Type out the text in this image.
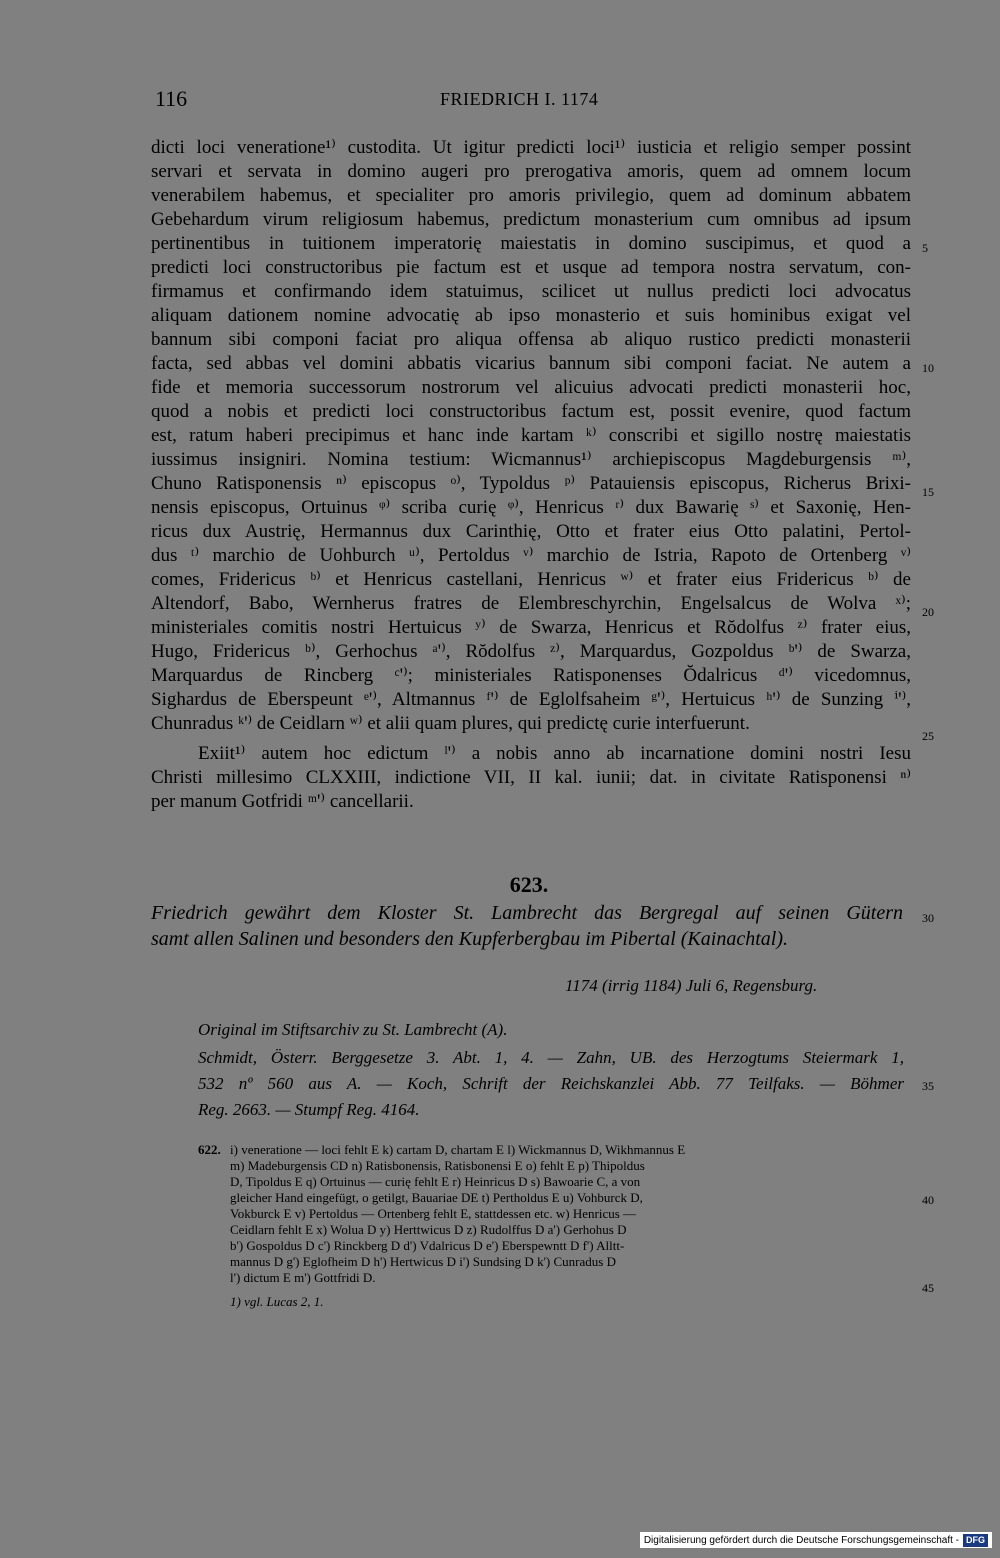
116	FRIEDRICH I. 1174
dicti loci veneratione¹⁾ custodita. Ut igitur predicti loci¹⁾ iusticia et religio semper possint
servari et servata in domino augeri pro prerogativa amoris, quem ad omnem locum
venerabilem habemus, et specialiter pro amoris privilegio, quem ad dominum abbatem
Gebehardum virum religiosum habemus, predictum monasterium cum omnibus ad ipsum
pertinentibus in tuitionem imperatorię maiestatis in domino suscipimus, et quod a
predicti loci constructoribus pie factum est et usque ad tempora nostra servatum, con-
firmamus et confirmando idem statuimus, scilicet ut nullus predicti loci advocatus
aliquam dationem nomine advocatię ab ipso monasterio et suis hominibus exigat vel
bannum sibi componi faciat pro aliqua offensa ab aliquo rustico predicti monasterii
facta, sed abbas vel domini abbatis vicarius bannum sibi componi faciat. Ne autem a
fide et memoria successorum nostrorum vel alicuius advocati predicti monasterii hoc,
quod a nobis et predicti loci constructoribus factum est, possit evenire, quod factum
est, ratum haberi precipimus et hanc inde kartam ᵏ⁾ conscribi et sigillo nostrę maiestatis
iussimus insigniri. Nomina testium: Wicmannus¹⁾ archiepiscopus Magdeburgensis ᵐ⁾,
Chuno Ratisponensis ⁿ⁾ episcopus ᵒ⁾, Typoldus ᵖ⁾ Patauiensis episcopus, Richerus Brixi-
nensis episcopus, Ortuinus ᵠ⁾ scriba curię ᵠ⁾, Henricus ʳ⁾ dux Bawarię ˢ⁾ et Saxonię, Hen-
ricus dux Austrię, Hermannus dux Carinthię, Otto et frater eius Otto palatini, Pertol-
dus ᵗ⁾ marchio de Uohburch ᵘ⁾, Pertoldus ᵛ⁾ marchio de Istria, Rapoto de Ortenberg ᵛ⁾
comes, Fridericus ᵇ⁾ et Henricus castellani, Henricus ʷ⁾ et frater eius Fridericus ᵇ⁾ de
Altendorf, Babo, Wernherus fratres de Elembreschyrchin, Engelsalcus de Wolva ˣ⁾;
ministeriales comitis nostri Hertuicus ʸ⁾ de Swarza, Henricus et Rŏdolfus ᶻ⁾ frater eius,
Hugo, Fridericus ᵇ⁾, Gerhochus ᵃ'⁾, Rŏdolfus ᶻ⁾, Marquardus, Gozpoldus ᵇ'⁾ de Swarza,
Marquardus de Rincberg ᶜ'⁾; ministeriales Ratisponenses Ŏdalricus ᵈ'⁾ vicedomnus,
Sighardus de Eberspeunt ᵉ'⁾, Altmannus ᶠ'⁾ de Eglolfsaheim ᵍ'⁾, Hertuicus ʰ'⁾ de Sunzing ⁱ'⁾,
Chunradus ᵏ'⁾ de Ceidlarn ʷ⁾ et alii quam plures, qui predictę curie interfuerunt.
Exiit¹⁾ autem hoc edictum ˡ'⁾ a nobis anno ab incarnatione domini nostri Iesu
Christi millesimo CLXXIII, indictione VII, II kal. iunii; dat. in civitate Ratisponensi ⁿ⁾
per manum Gotfridi ᵐ'⁾ cancellarii.
5
10
15
20
25
30
35
40
45
623.
Friedrich gewährt dem Kloster St. Lambrecht das Bergregal auf seinen Gütern
samt allen Salinen und besonders den Kupferbergbau im Pibertal (Kainachtal).
1174 (irrig 1184) Juli 6, Regensburg.
Original im Stiftsarchiv zu St. Lambrecht (A).
Schmidt, Österr. Berggesetze 3. Abt. 1, 4. — Zahn, UB. des Herzogtums Steiermark 1,
532 nº 560 aus A. — Koch, Schrift der Reichskanzlei Abb. 77 Teilfaks. — Böhmer
Reg. 2663. — Stumpf Reg. 4164.
622. i) veneratione — loci fehlt E k) cartam D, chartam E l) Wickmannus D, Wikhmannus E
m) Madeburgensis CD n) Ratisbonensis, Ratisbonensi E o) fehlt E p) Thipoldus
D, Tipoldus E q) Ortuinus — curię fehlt E r) Heinricus D s) Bawoarie C, a von
gleicher Hand eingefügt, o getilgt, Bauariae DE t) Pertholdus E u) Vohburck D,
Vokburck E v) Pertoldus — Ortenberg fehlt E, stattdessen etc. w) Henricus —
Ceidlarn fehlt E x) Wolua D y) Herttwicus D z) Rudolffus D a') Gerhohus D
b') Gospoldus D c') Rinckberg D d') Vdalricus D e') Eberspewntt D f') Alltt-
mannus D g') Eglofheim D h') Hertwicus D i') Sundsing D k') Cunradus D
l') dictum E m') Gottfridi D.
1) vgl. Lucas 2, 1.
Digitalisierung gefördert durch die Deutsche Forschungsgemeinschaft - DFG
